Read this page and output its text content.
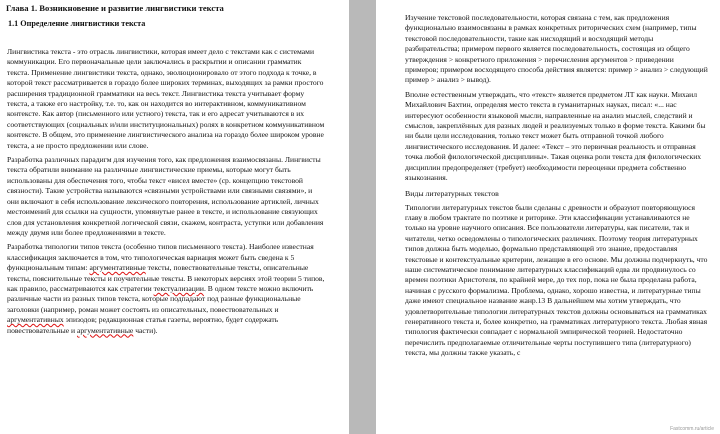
Глава 1. Возникновение и развитие лингвистики текста
1.1 Определение лингвистики текста

Лингвистика текста - это отрасль лингвистики, которая имеет дело с текстами как с системами коммуникации. Его первоначальные цели заключались в раскрытии и описании грамматик текста. Применение лингвистики текста, однако, эволюционировало от этого подхода к точке, в которой текст рассматривается в гораздо более широких терминах, выходящих за рамки простого расширения традиционной грамматики на весь текст. Лингвистика текста учитывает форму текста, а также его настройку, т.е. то, как он находится во интерактивном, коммуникативном контексте. Как автор (письменного или устного) текста, так и его адресат учитываются в их соответствующих (социальных и/или институциональных) ролях в конкретном коммуникативном контексте. В общем, это применение лингвистического анализа на гораздо более широком уровне текста, а не просто предложении или слове.

Разработка различных парадигм для изучения того, как предложения взаимосвязаны. Лингвисты текста обратили внимание на различные лингвистические приемы, которые могут быть использованы для обеспечения того, чтобы текст «висел вместе» (ср. концепцию текстовой связности). Такие устройства называются «связными устройствами или связными связями», и они включают в себя использование лексического повторения, использование артиклей, личных местоимений для ссылки на сущности, упомянутые ранее в тексте, и использование связующих слов для установления конкретной логической связи, скажем, контраста, уступки или добавления между двумя или более предложениями в тексте.

Разработка типологии типов текста (особенно типов письменного текста). Наиболее известная классификация заключается в том, что типологическая вариация может быть сведена к 5 функциональным типам: аргументативные тексты, повествовательные тексты, описательные тексты, пояснительные тексты и поучительные тексты. В некоторых версиях этой теории 5 типов, как правило, рассматриваются как стратегии текстуализации. В одном тексте можно включить различные части из разных типов текста, которые подпадают под разные функциональные заголовки (например, роман может состоять из описательных, повествовательных и аргументативных эпизодов; редакционная статья газеты, вероятно, будет содержать повествовательные и аргументативные части).

Изучение текстовой последовательности, которая связана с тем, как предложения функционально взаимосвязаны в рамках конкретных риторических схем (например, типы текстовой последовательности, такие как нисходящий и восходящий методы разбирательства; примером первого является последовательность, состоящая из общего утверждения > конкретного приложения > перечисления аргументов > приведении примеров; примером восходящего способа действия является: пример > анализ > следующий пример > анализ > вывод).

Вполне естественным утверждать, что «текст» является предметом ЛТ как науки. Михаил Михайлович Бахтин, определяя место текста в гуманитарных науках, писал: «... нас интересуют особенности языковой мысли, направленные на анализ мыслей, следствий и смыслов, закреплённых для разных людей и реализуемых только в форме текста. Какими бы ни были цели исследования, только текст может быть отправной точкой любого лингвистического исследования. И далее: «Текст – это первичная реальность и отправная точка любой филологической дисциплины». Такая оценка роли текста для филологических дисциплин предопределяет (требует) необходимости переоценки предмета собственно языкознания.

Виды литературных текстов

Типологии литературных текстов были сделаны с древности и образуют повторяющуюся главу в любом трактате по поэтике и риторике. Эти классификации устанавливаются не только на уровне научного описания. Все пользователи литературы, как писатели, так и читатели, четко осведомлены о типологических различиях. Поэтому теория литературных типов должна быть моделью, формально представляющей это знание, предоставляя текстовые и контекстуальные критерии, лежащие в его основе. Мы должны подчеркнуть, что наше систематическое понимание литературных классификаций едва ли продвинулось со времен поэтики Аристотеля, по крайней мере, до тех пор, пока не была проделана работа, начиная с русского формализма. Проблема, однако, хорошо известна, и литературные типы даже имеют специальное название жанр.13 В дальнейшем мы хотим утверждать, что удовлетворительные типологии литературных текстов должны основываться на грамматиках генеративного текста и, более конкретно, на грамматиках литературного текста. Любая явная типология фактически совпадает с нормальной эмпирической теорией. Недостаточно перечислить предполагаемые отличительные черты поступившего типа (литературного) текста, мы должны также указать, с

Fastcomm.ru/article
